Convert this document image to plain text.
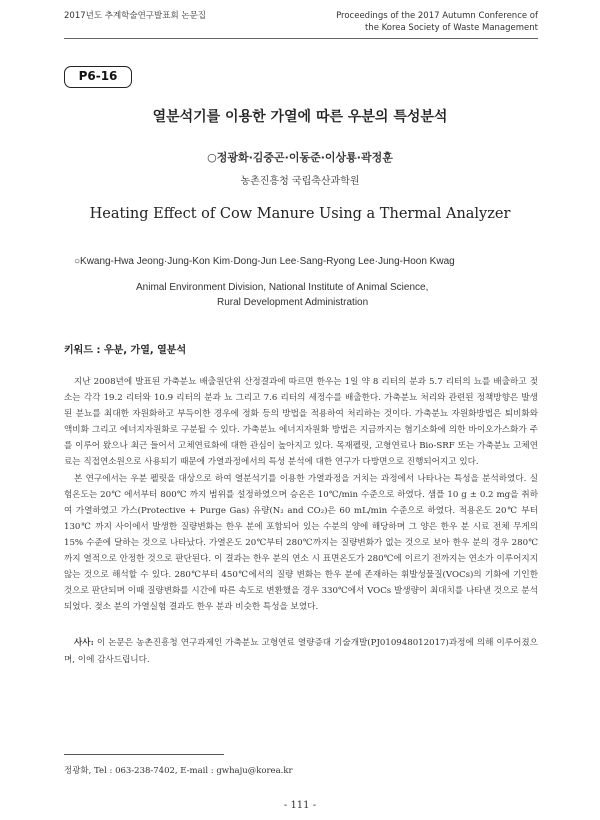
2017년도 추계학술연구발표회 논문집	Proceedings of the 2017 Autumn Conference of
the Korea Society of Waste Management
P6-16
열분석기를 이용한 가열에 따른 우분의 특성분석
○정광화·김중곤·이동준·이상룡·곽정훈
농촌진흥청 국립축산과학원
Heating Effect of Cow Manure Using a Thermal Analyzer
○Kwang-Hwa Jeong·Jung-Kon Kim·Dong-Jun Lee·Sang-Ryong Lee·Jung-Hoon Kwag
Animal Environment Division, National Institute of Animal Science,
Rural Development Administration
키워드 : 우분, 가열, 열분석

지난 2008년에 발표된 가축분뇨 배출원단위 산정결과에 따르면 한우는 1일 약 8 리터의 분과 5.7 리터의 뇨를 배출하고 젖소는 각각 19.2 리터와 10.9 리터의 분과 뇨 그리고 7.6 리터의 세정수를 배출한다. 가축분뇨 처리와 관련된 정책방향은 발생된 분뇨를 최대한 자원화하고 부득이한 경우에 정화 등의 방법을 적용하여 처리하는 것이다. 가축분뇨 자원화방법은 퇴비화와 액비화 그리고 에너지자원화로 구분될 수 있다. 가축분뇨 에너지자원화 방법은 지금까지는 혐기소화에 의한 바이오가스화가 주를 이루어 왔으나 최근 들어서 고체연료화에 대한 관심이 높아지고 있다. 목재펠릿, 고형연료나 Bio-SRF 또는 가축분뇨 고체연료는 직접연소원으로 사용되기 때문에 가열과정에서의 특성 분석에 대한 연구가 다방면으로 진행되어지고 있다.

본 연구에서는 우분 펠릿을 대상으로 하여 열분석기를 이용한 가열과정을 거치는 과정에서 나타나는 특성을 분석하였다. 실험온도는 20℃ 에서부터 800℃ 까지 범위를 설정하였으며 승온은 10℃/min 수준으로 하였다. 샘플 10 g ± 0.2 mg을 취하여 가열하였고 가스(Protective + Purge Gas) 유량(N₂ and CO₂)은 60 mL/min 수준으로 하였다. 적용온도 20℃ 부터 130℃ 까지 사이에서 발생한 질량변화는 한우 분에 포함되어 있는 수분의 양에 해당하며 그 양은 한우 분 시료 전체 무게의 15% 수준에 달하는 것으로 나타났다. 가열온도 20℃부터 280℃까지는 질량변화가 없는 것으로 보아 한우 분의 경우 280℃ 까지 열적으로 안정한 것으로 판단된다. 이 결과는 한우 분의 연소 시 표면온도가 280℃에 이르기 전까지는 연소가 이루어지지 않는 것으로 해석할 수 있다. 280℃부터 450℃에서의 질량 변화는 한우 분에 존재하는 휘발성물질(VOCs)의 기화에 기인한 것으로 판단되며 이때 질량변화를 시간에 따른 속도로 변환했을 경우 330℃에서 VOCs 발생량이 최대치를 나타낸 것으로 분석되었다. 젖소 분의 가열실험 결과도 한우 분과 비슷한 특성을 보였다.

사사: 이 논문은 농촌진흥청 연구과제인 가축분뇨 고형연료 열량증대 기술개발(PJ010948012017)과정에 의해 이루어졌으며, 이에 감사드립니다.

정광화, Tel : 063-238-7402, E-mail : gwhaju@korea.kr
- 111 -
